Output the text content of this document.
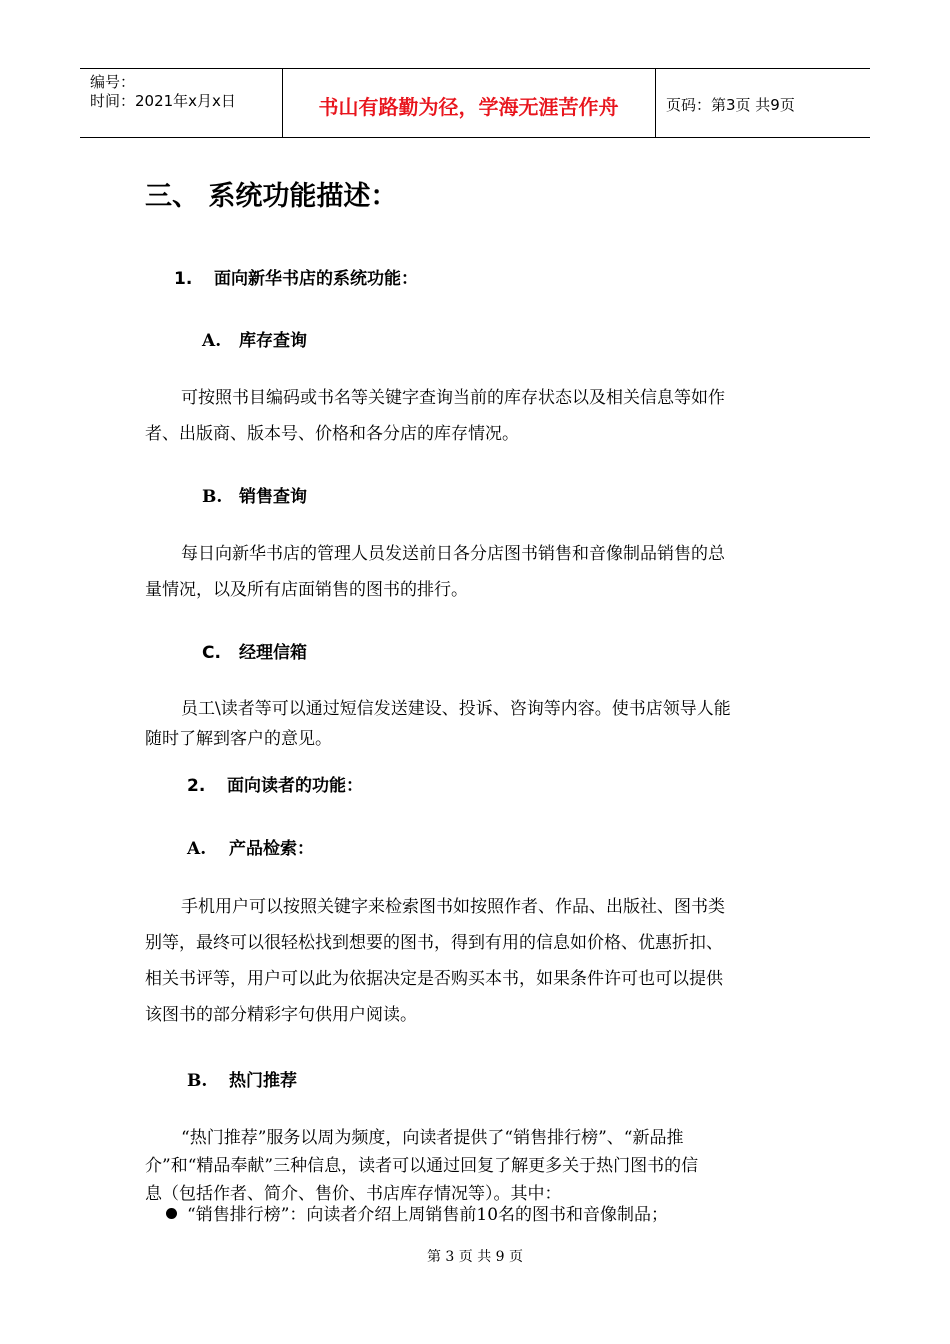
编号：
时间：2021年x月x日	书山有路勤为径，学海无涯苦作舟	页码：第3页 共9页
三、 系统功能描述：
1. 面向新华书店的系统功能：
A. 库存查询
可按照书目编码或书名等关键字查询当前的库存状态以及相关信息等如作
者、出版商、版本号、价格和各分店的库存情况。
B. 销售查询
每日向新华书店的管理人员发送前日各分店图书销售和音像制品销售的总
量情况，以及所有店面销售的图书的排行。
C. 经理信箱
员工\读者等可以通过短信发送建设、投诉、咨询等内容。使书店领导人能
随时了解到客户的意见。
2. 面向读者的功能：
A. 产品检索：
手机用户可以按照关键字来检索图书如按照作者、作品、出版社、图书类
别等，最终可以很轻松找到想要的图书，得到有用的信息如价格、优惠折扣、
相关书评等，用户可以此为依据决定是否购买本书，如果条件许可也可以提供
该图书的部分精彩字句供用户阅读。
B. 热门推荐
“热门推荐”服务以周为频度，向读者提供了“销售排行榜”、“新品推
介”和“精品奉献”三种信息，读者可以通过回复了解更多关于热门图书的信
息（包括作者、简介、售价、书店库存情况等）。其中：
“销售排行榜”：向读者介绍上周销售前10名的图书和音像制品；
第 3 页 共 9 页
